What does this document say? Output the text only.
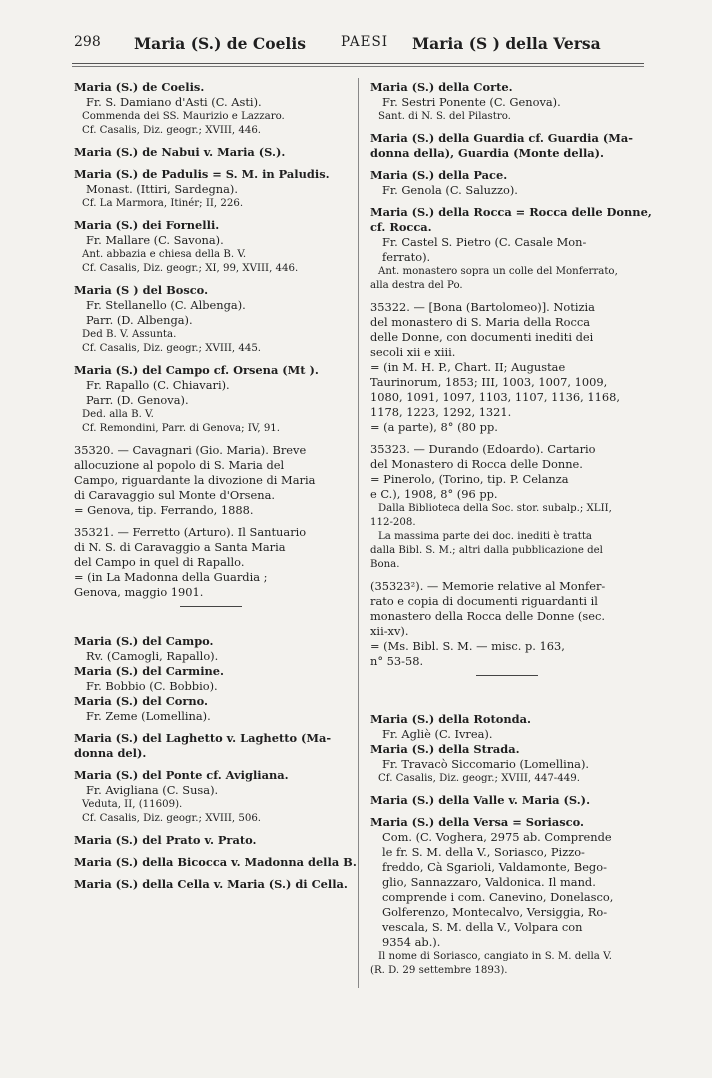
298 Maria (S.) de Coelis	PAESI Maria (S ) della Versa
Maria (S.) de Coelis.
Fr. S. Damiano d'Asti (C. Asti).
Commenda dei SS. Maurizio e Lazzaro.
Cf. Casalis, Diz. geogr.; XVIII, 446.
Maria (S.) de Nabui v. Maria (S.).
Maria (S.) de Padulis = S. M. in Paludis.
Monast. (Ittiri, Sardegna).
Cf. La Marmora, Itinér; II, 226.
Maria (S.) dei Fornelli.
Fr. Mallare (C. Savona).
Ant. abbazia e chiesa della B. V.
Cf. Casalis, Diz. geogr.; XI, 99, XVIII, 446.
Maria (S ) del Bosco.
Fr. Stellanello (C. Albenga).
Parr. (D. Albenga).
Ded B. V. Assunta.
Cf. Casalis, Diz. geogr.; XVIII, 445.
Maria (S.) del Campo cf. Orsena (Mt ).
Fr. Rapallo (C. Chiavari).
Parr. (D. Genova).
Ded. alla B. V.
Cf. Remondini, Parr. di Genova; IV, 91.
35320. — Cavagnari (Gio. Maria). Breve
allocuzione al popolo di S. Maria del
Campo, riguardante la divozione di Maria
di Caravaggio sul Monte d'Orsena.
= Genova, tip. Ferrando, 1888.
35321. — Ferretto (Arturo). Il Santuario
di N. S. di Caravaggio a Santa Maria
del Campo in quel di Rapallo.
= (in La Madonna della Guardia ;
Genova, maggio 1901.
Maria (S.) del Campo.
Rv. (Camogli, Rapallo).
Maria (S.) del Carmine.
Fr. Bobbio (C. Bobbio).
Maria (S.) del Corno.
Fr. Zeme (Lomellina).
Maria (S.) del Laghetto v. Laghetto (Ma-
donna del).
Maria (S.) del Ponte cf. Avigliana.
Fr. Avigliana (C. Susa).
Veduta, II, (11609).
Cf. Casalis, Diz. geogr.; XVIII, 506.
Maria (S.) del Prato v. Prato.
Maria (S.) della Bicocca v. Madonna della B.
Maria (S.) della Cella v. Maria (S.) di Cella.
Maria (S.) della Corte.
Fr. Sestri Ponente (C. Genova).
Sant. di N. S. del Pilastro.
Maria (S.) della Guardia cf. Guardia (Ma-
donna della), Guardia (Monte della).
Maria (S.) della Pace.
Fr. Genola (C. Saluzzo).
Maria (S.) della Rocca = Rocca delle Donne,
cf. Rocca.
Fr. Castel S. Pietro (C. Casale Mon-
ferrato).
Ant. monastero sopra un colle del Monferrato,
alla destra del Po.
35322. — [Bona (Bartolomeo)]. Notizia
del monastero di S. Maria della Rocca
delle Donne, con documenti inediti dei
secoli xii e xiii.
= (in M. H. P., Chart. II; Augustae
Taurinorum, 1853; III, 1003, 1007, 1009,
1080, 1091, 1097, 1103, 1107, 1136, 1168,
1178, 1223, 1292, 1321.
= (a parte), 8° (80 pp.
35323. — Durando (Edoardo). Cartario
del Monastero di Rocca delle Donne.
= Pinerolo, (Torino, tip. P. Celanza
e C.), 1908, 8° (96 pp.
Dalla Biblioteca della Soc. stor. subalp.; XLII,
112-208.
La massima parte dei doc. inediti è tratta
dalla Bibl. S. M.; altri dalla pubblicazione del
Bona.
(35323²). — Memorie relative al Monfer-
rato e copia di documenti riguardanti il
monastero della Rocca delle Donne (sec.
xii-xv).
= (Ms. Bibl. S. M. — misc. p. 163,
n° 53-58.
Maria (S.) della Rotonda.
Fr. Agliè (C. Ivrea).
Maria (S.) della Strada.
Fr. Travacò Siccomario (Lomellina).
Cf. Casalis, Diz. geogr.; XVIII, 447-449.
Maria (S.) della Valle v. Maria (S.).
Maria (S.) della Versa = Soriasco.
Com. (C. Voghera, 2975 ab. Comprende
le fr. S. M. della V., Soriasco, Pizzo-
freddo, Cà Sgarioli, Valdamonte, Bego-
glio, Sannazzaro, Valdonica. Il mand.
comprende i com. Canevino, Donelasco,
Golferenzo, Montecalvo, Versiggia, Ro-
vescala, S. M. della V., Volpara con
9354 ab.).
Il nome di Soriasco, cangiato in S. M. della V.
(R. D. 29 settembre 1893).
